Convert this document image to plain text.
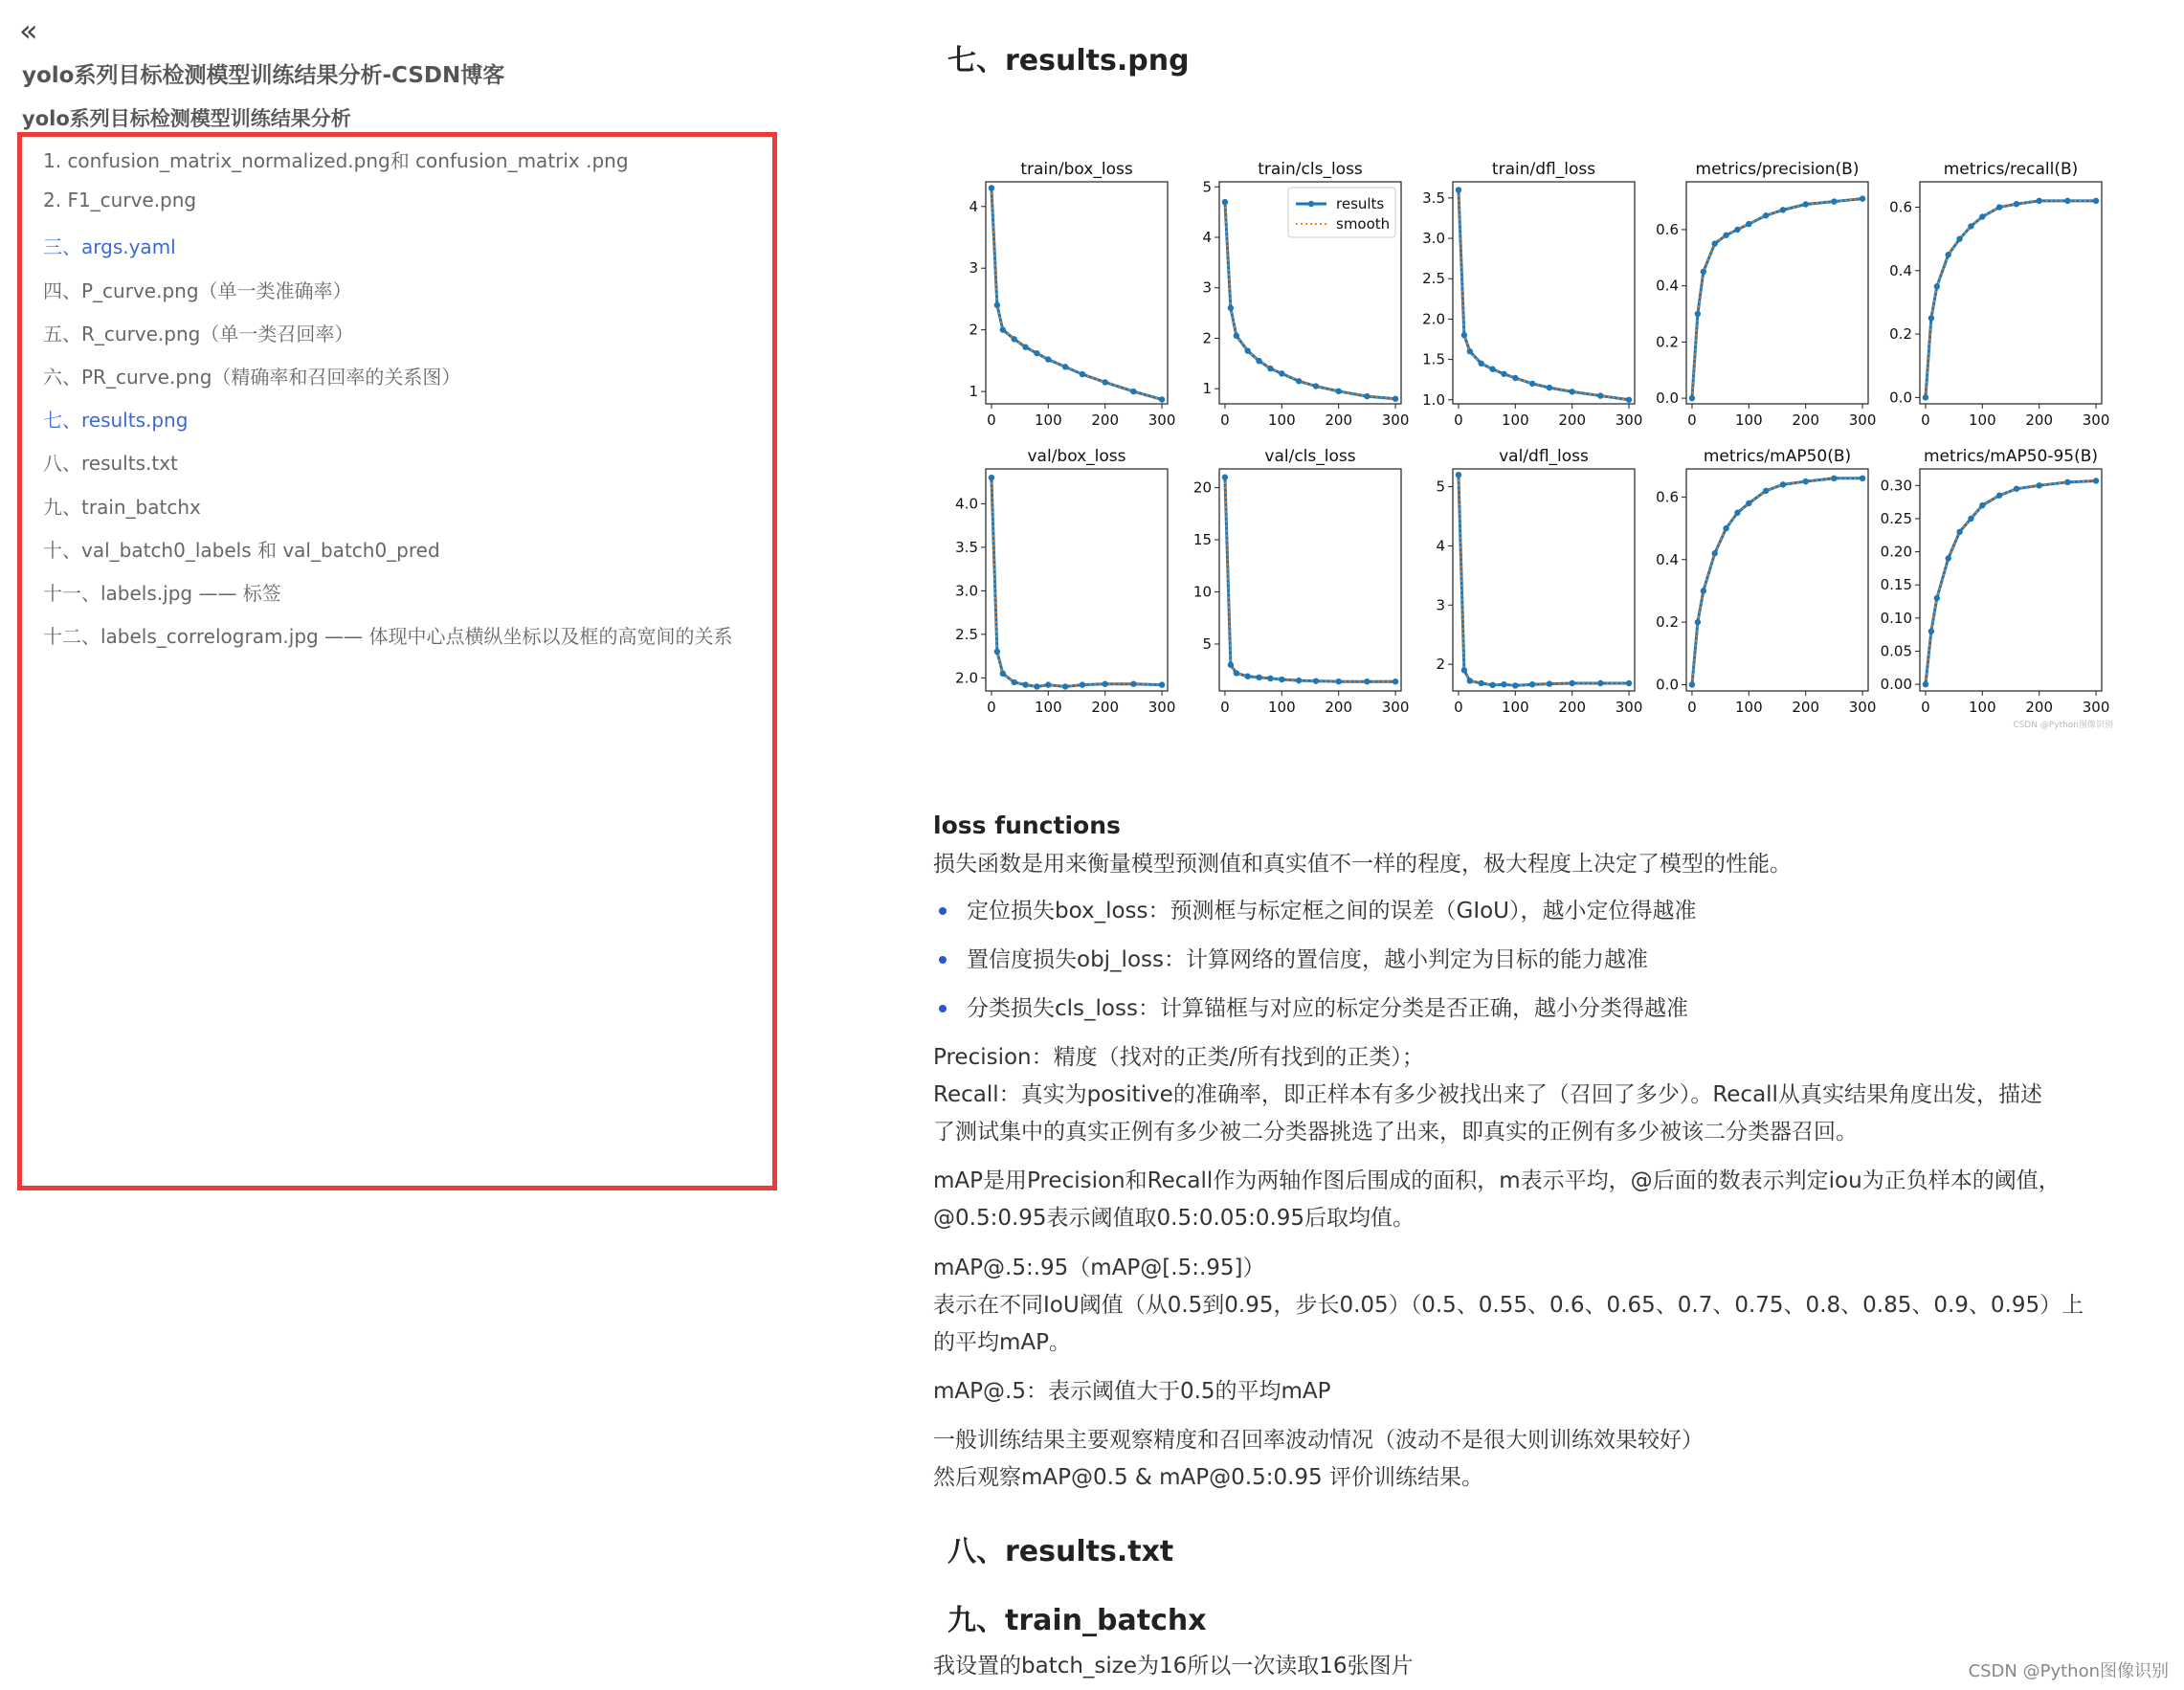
«
yolo系列目标检测模型训练结果分析-CSDN博客
yolo系列目标检测模型训练结果分析
1. confusion_matrix_normalized.png和 confusion_matrix .png
2. F1_curve.png
三、args.yaml
四、P_curve.png（单一类准确率）
五、R_curve.png（单一类召回率）
六、PR_curve.png（精确率和召回率的关系图）
七、results.png
八、results.txt
九、train_batchx
十、val_batch0_labels 和 val_batch0_pred
十一、labels.jpg —— 标签
十二、labels_correlogram.jpg —— 体现中心点横纵坐标以及框的高宽间的关系
七、results.png
train/box_loss
0	100 200 300
1
2
3
4
train/cls_loss
0	100 200 300
1
2
3
4
5
results
smooth
train/dfl_loss
0	100 200 300
1.0
1.5
2.0
2.5
3.0
3.5
metrics/precision(B)
0	100 200 300
0.0
0.2
0.4
0.6
metrics/recall(B)
0	100 200 300
0.0
0.2
0.4
0.6
val/box_loss
0	100 200 300
2.0
2.5
3.0
3.5
4.0
val/cls_loss
0	100 200 300
5
10
15
20
val/dfl_loss
0	100 200 300
2
3
4
5
metrics/mAP50(B)
0	100 200 300
0.0
0.2
0.4
0.6
metrics/mAP50-95(B)
0	100 200 300
0.00
0.05
0.10
0.15
0.20
0.25
0.30
CSDN @Python图像识别
loss functions
损失函数是用来衡量模型预测值和真实值不一样的程度，极大程度上决定了模型的性能。
定位损失box_loss：预测框与标定框之间的误差（GIoU），越小定位得越准
置信度损失obj_loss：计算网络的置信度，越小判定为目标的能力越准
分类损失cls_loss：计算锚框与对应的标定分类是否正确，越小分类得越准
Precision：精度（找对的正类/所有找到的正类）；
Recall：真实为positive的准确率，即正样本有多少被找出来了（召回了多少）。Recall从真实结果角度出发，描述
了测试集中的真实正例有多少被二分类器挑选了出来，即真实的正例有多少被该二分类器召回。
mAP是用Precision和Recall作为两轴作图后围成的面积，m表示平均，@后面的数表示判定iou为正负样本的阈值，
@0.5:0.95表示阈值取0.5:0.05:0.95后取均值。
mAP@.5:.95（mAP@[.5:.95]）
表示在不同IoU阈值（从0.5到0.95，步长0.05）（0.5、0.55、0.6、0.65、0.7、0.75、0.8、0.85、0.9、0.95）上
的平均mAP。
mAP@.5：表示阈值大于0.5的平均mAP
一般训练结果主要观察精度和召回率波动情况（波动不是很大则训练效果较好）
然后观察mAP@0.5 & mAP@0.5:0.95 评价训练结果。
八、results.txt
九、train_batchx
我设置的batch_size为16所以一次读取16张图片	CSDN @Python图像识别
